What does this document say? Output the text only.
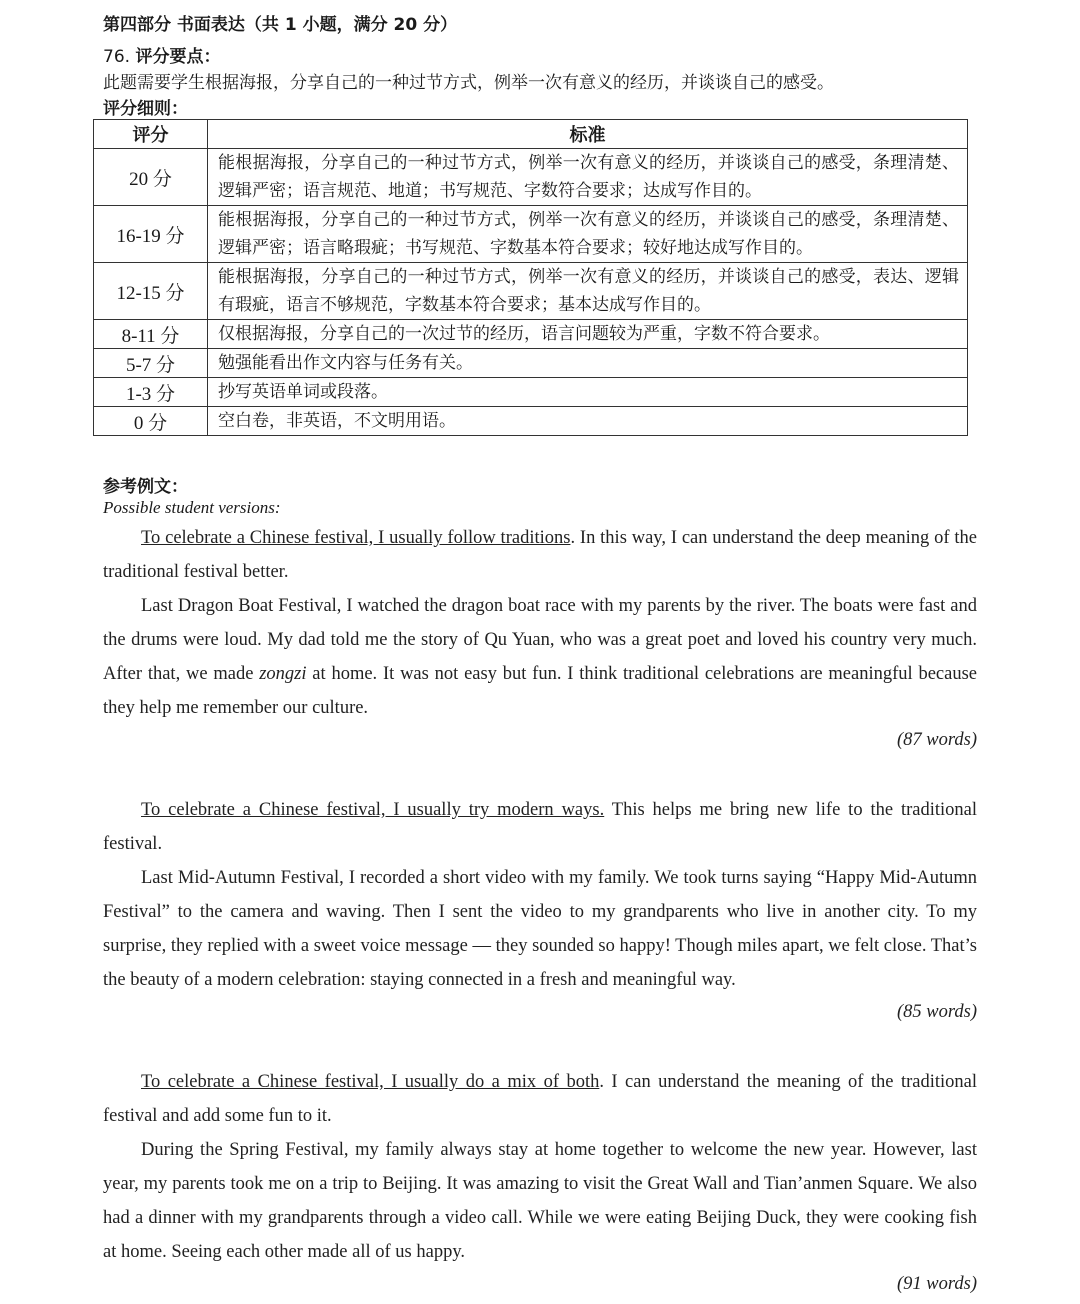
第四部分 书面表达（共 1 小题，满分 20 分）
76. 评分要点：
此题需要学生根据海报，分享自己的一种过节方式，例举一次有意义的经历，并谈谈自己的感受。
评分细则：
评分	标准
20 分	能根据海报，分享自己的一种过节方式，例举一次有意义的经历，并谈谈自己的感受，条理清楚、逻辑严密；语言规范、地道；书写规范、字数符合要求；达成写作目的。
16-19 分	能根据海报，分享自己的一种过节方式，例举一次有意义的经历，并谈谈自己的感受，条理清楚、逻辑严密；语言略瑕疵；书写规范、字数基本符合要求；较好地达成写作目的。
12-15 分	能根据海报，分享自己的一种过节方式，例举一次有意义的经历，并谈谈自己的感受，表达、逻辑有瑕疵，语言不够规范，字数基本符合要求；基本达成写作目的。
8-11 分	仅根据海报，分享自己的一次过节的经历，语言问题较为严重，字数不符合要求。
5-7 分	勉强能看出作文内容与任务有关。
1-3 分	抄写英语单词或段落。
0 分	空白卷，非英语，不文明用语。
参考例文：
Possible student versions:

To celebrate a Chinese festival, I usually follow traditions. In this way, I can understand the deep meaning of the traditional festival better.

Last Dragon Boat Festival, I watched the dragon boat race with my parents by the river. The boats were fast and the drums were loud. My dad told me the story of Qu Yuan, who was a great poet and loved his country very much. After that, we made zongzi at home. It was not easy but fun. I think traditional celebrations are meaningful because they help me remember our culture.

(87 words)

To celebrate a Chinese festival, I usually try modern ways. This helps me bring new life to the traditional festival.

Last Mid-Autumn Festival, I recorded a short video with my family. We took turns saying “Happy Mid-Autumn Festival” to the camera and waving. Then I sent the video to my grandparents who live in another city. To my surprise, they replied with a sweet voice message — they sounded so happy! Though miles apart, we felt close. That’s the beauty of a modern celebration: staying connected in a fresh and meaningful way.

(85 words)

To celebrate a Chinese festival, I usually do a mix of both. I can understand the meaning of the traditional festival and add some fun to it.

During the Spring Festival, my family always stay at home together to welcome the new year. However, last year, my parents took me on a trip to Beijing. It was amazing to visit the Great Wall and Tian’anmen Square. We also had a dinner with my grandparents through a video call. While we were eating Beijing Duck, they were cooking fish at home. Seeing each other made all of us happy.

(91 words)
